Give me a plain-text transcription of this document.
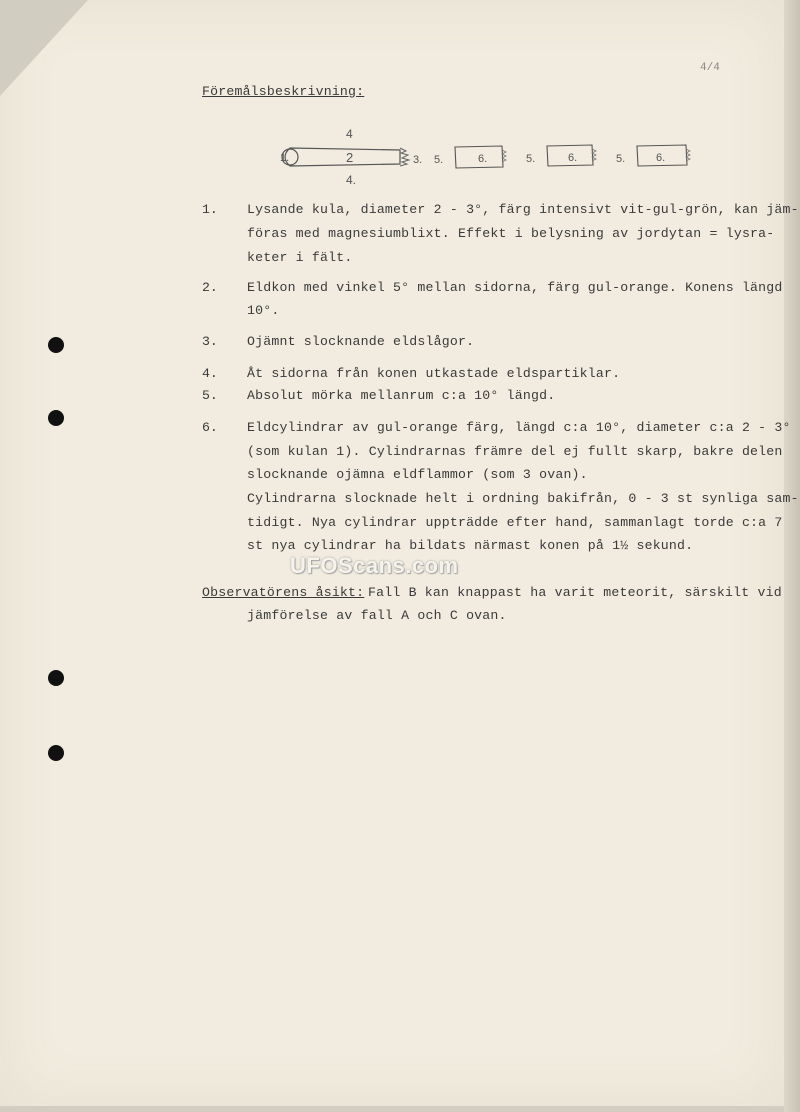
4/4
Föremålsbeskrivning:
1.	2
4
4.
3. 5.	6.	5.	6.	5.	6.
1. Lysande kula, diameter 2 - 3°, färg intensivt vit-gul-grön, kan jäm-
föras med magnesiumblixt. Effekt i belysning av jordytan = lysra-
keter i fält.
2. Eldkon med vinkel 5° mellan sidorna, färg gul-orange. Konens längd
10°.
3. Ojämnt slocknande eldslågor.
4. Åt sidorna från konen utkastade eldspartiklar.
5. Absolut mörka mellanrum c:a 10° längd.
6. Eldcylindrar av gul-orange färg, längd c:a 10°, diameter c:a 2 - 3°
(som kulan 1). Cylindrarnas främre del ej fullt skarp, bakre delen
slocknande ojämna eldflammor (som 3 ovan).
Cylindrarna slocknade helt i ordning bakifrån, 0 - 3 st synliga sam-
tidigt. Nya cylindrar uppträdde efter hand, sammanlagt torde c:a 7
st nya cylindrar ha bildats närmast konen på 1½ sekund.
Observatörens åsikt: Fall B kan knappast ha varit meteorit, särskilt vid
jämförelse av fall A och C ovan.
UFOScans.com
